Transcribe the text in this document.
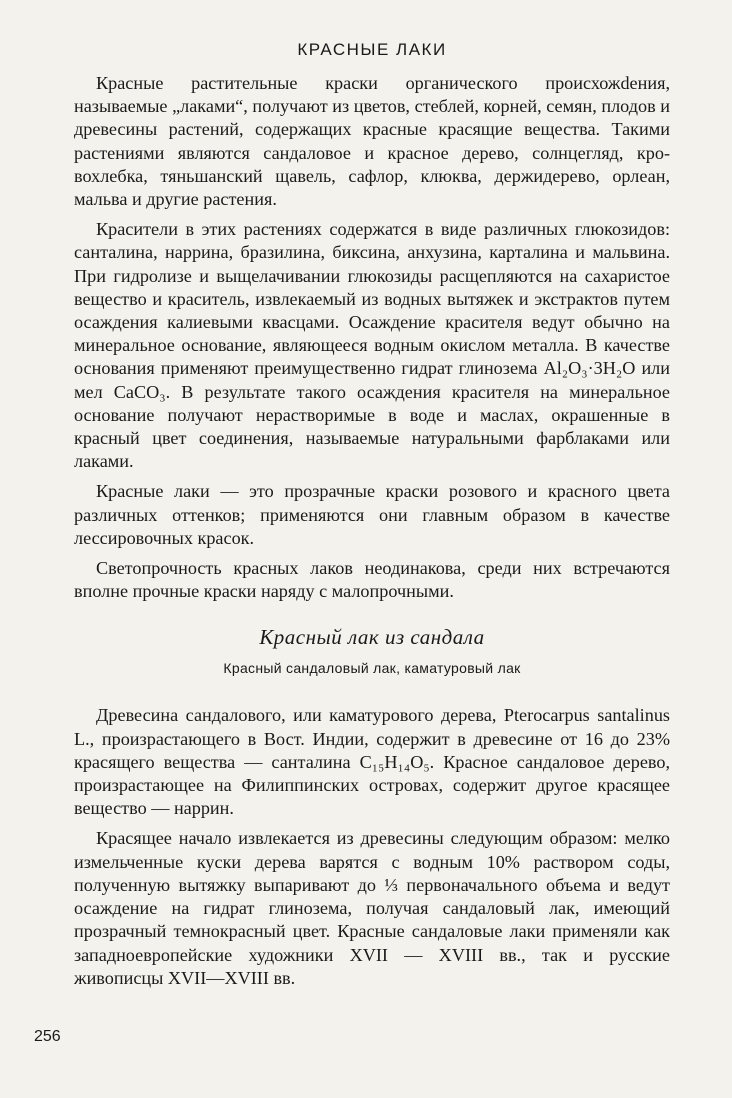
КРАСНЫЕ ЛАКИ

Красные растительные краски органического происхожdения, называемые „лаками“, получают из цветов, стеблей, корней, семян, плодов и древесины растений, содержащих красные красящие вещества. Такими растениями являются сандаловое и красное дерево, солнцегляд, кровохлебка, тяньшанский щавель, сафлор, клюква, держидерево, орлеан, мальва и другие растения.

Красители в этих растениях содержатся в виде различных глюкозидов: санталина, наррина, бразилина, биксина, анхузина, карталина и мальвина. При гидролизе и выщелачивании глюкозиды расщепляются на сахаристое вещество и краситель, извлекаемый из водных вытяжек и экстрактов путем осаждения калиевыми квасцами. Осаждение красителя ведут обычно на минеральное основание, являющееся водным окислом металла. В качестве основания применяют преимущественно гидрат глинозема Al₂O₃·3H₂O или мел CaCO₃. В результате такого осаждения красителя на минеральное основание получают нерастворимые в воде и маслах, окрашенные в красный цвет соединения, называемые натуральными фарблаками или лаками.

Красные лаки — это прозрачные краски розового и красного цвета различных оттенков; применяются они главным образом в качестве лессировочных красок.

Светопрочность красных лаков неодинакова, среди них встречаются вполне прочные краски наряду с малопрочными.

Красный лак из сандала
Красный сандаловый лак, каматуровый лак

Древесина сандалового, или каматурового дерева, Pterocarpus santalinus L., произрастающего в Вост. Индии, содержит в древесине от 16 до 23% красящего вещества — санталина C₁₅H₁₄O₅. Красное сандаловое дерево, произрастающее на Филиппинских островах, содержит другое красящее вещество — наррин.

Красящее начало извлекается из древесины следующим образом: мелко измельченные куски дерева варятся с водным 10% раствором соды, полученную вытяжку выпаривают до ⅓ первоначального объема и ведут осаждение на гидрат глинозема, получая сандаловый лак, имеющий прозрачный темнокрасный цвет. Красные сандаловые лаки применяли как западноевропейские художники XVII — XVIII вв., так и русские живописцы XVII—XVIII вв.

256
